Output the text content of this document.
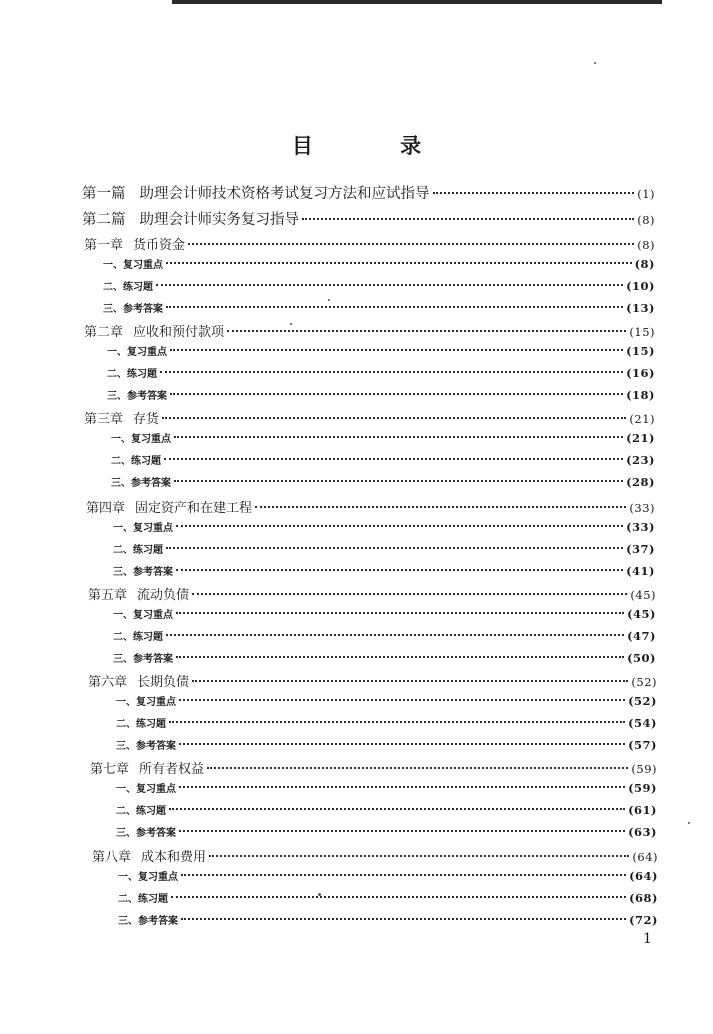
目 录
第一篇 助理会计师技术资格考试复习方法和应试指导	(1)
第二篇 助理会计师实务复习指导	(8)
第一章 货币资金	(8)
一、复习重点	(8)
二、练习题	(10)
三、参考答案	(13)
第二章 应收和预付款项	(15)
一、复习重点	(15)
二、练习题	(16)
三、参考答案	(18)
第三章 存货	(21)
一、复习重点	(21)
二、练习题	(23)
三、参考答案	(28)
第四章 固定资产和在建工程	(33)
一、复习重点	(33)
二、练习题	(37)
三、参考答案	(41)
第五章 流动负债	(45)
一、复习重点	(45)
二、练习题	(47)
三、参考答案	(50)
第六章 长期负债	(52)
一、复习重点	(52)
二、练习题	(54)
三、参考答案	(57)
第七章 所有者权益	(59)
一、复习重点	(59)
二、练习题	(61)
三、参考答案	(63)
第八章 成本和费用	(64)
一、复习重点	(64)
二、练习题	(68)
三、参考答案	(72)
1
